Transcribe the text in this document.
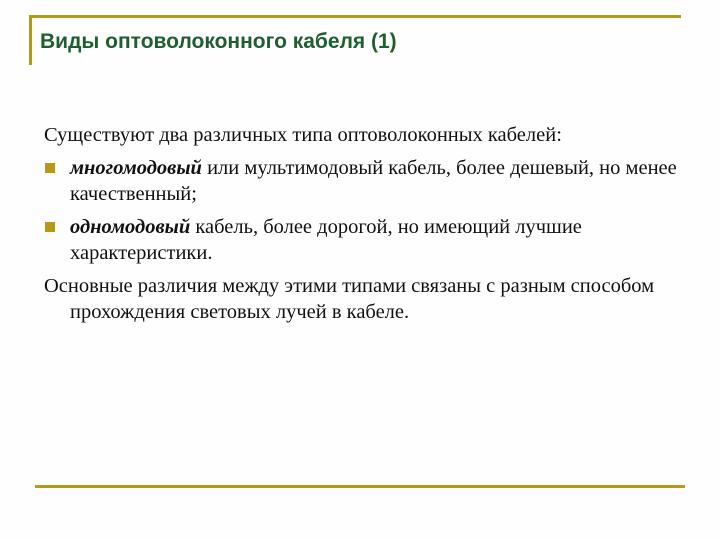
Виды оптоволоконного кабеля (1)

Существуют два различных типа оптоволоконных кабелей:

многомодовый или мультимодовый кабель, более дешевый, но менее качественный;
одномодовый кабель, более дорогой, но имеющий лучшие характеристики.

Основные различия между этими типами связаны с разным способом прохождения световых лучей в кабеле.
